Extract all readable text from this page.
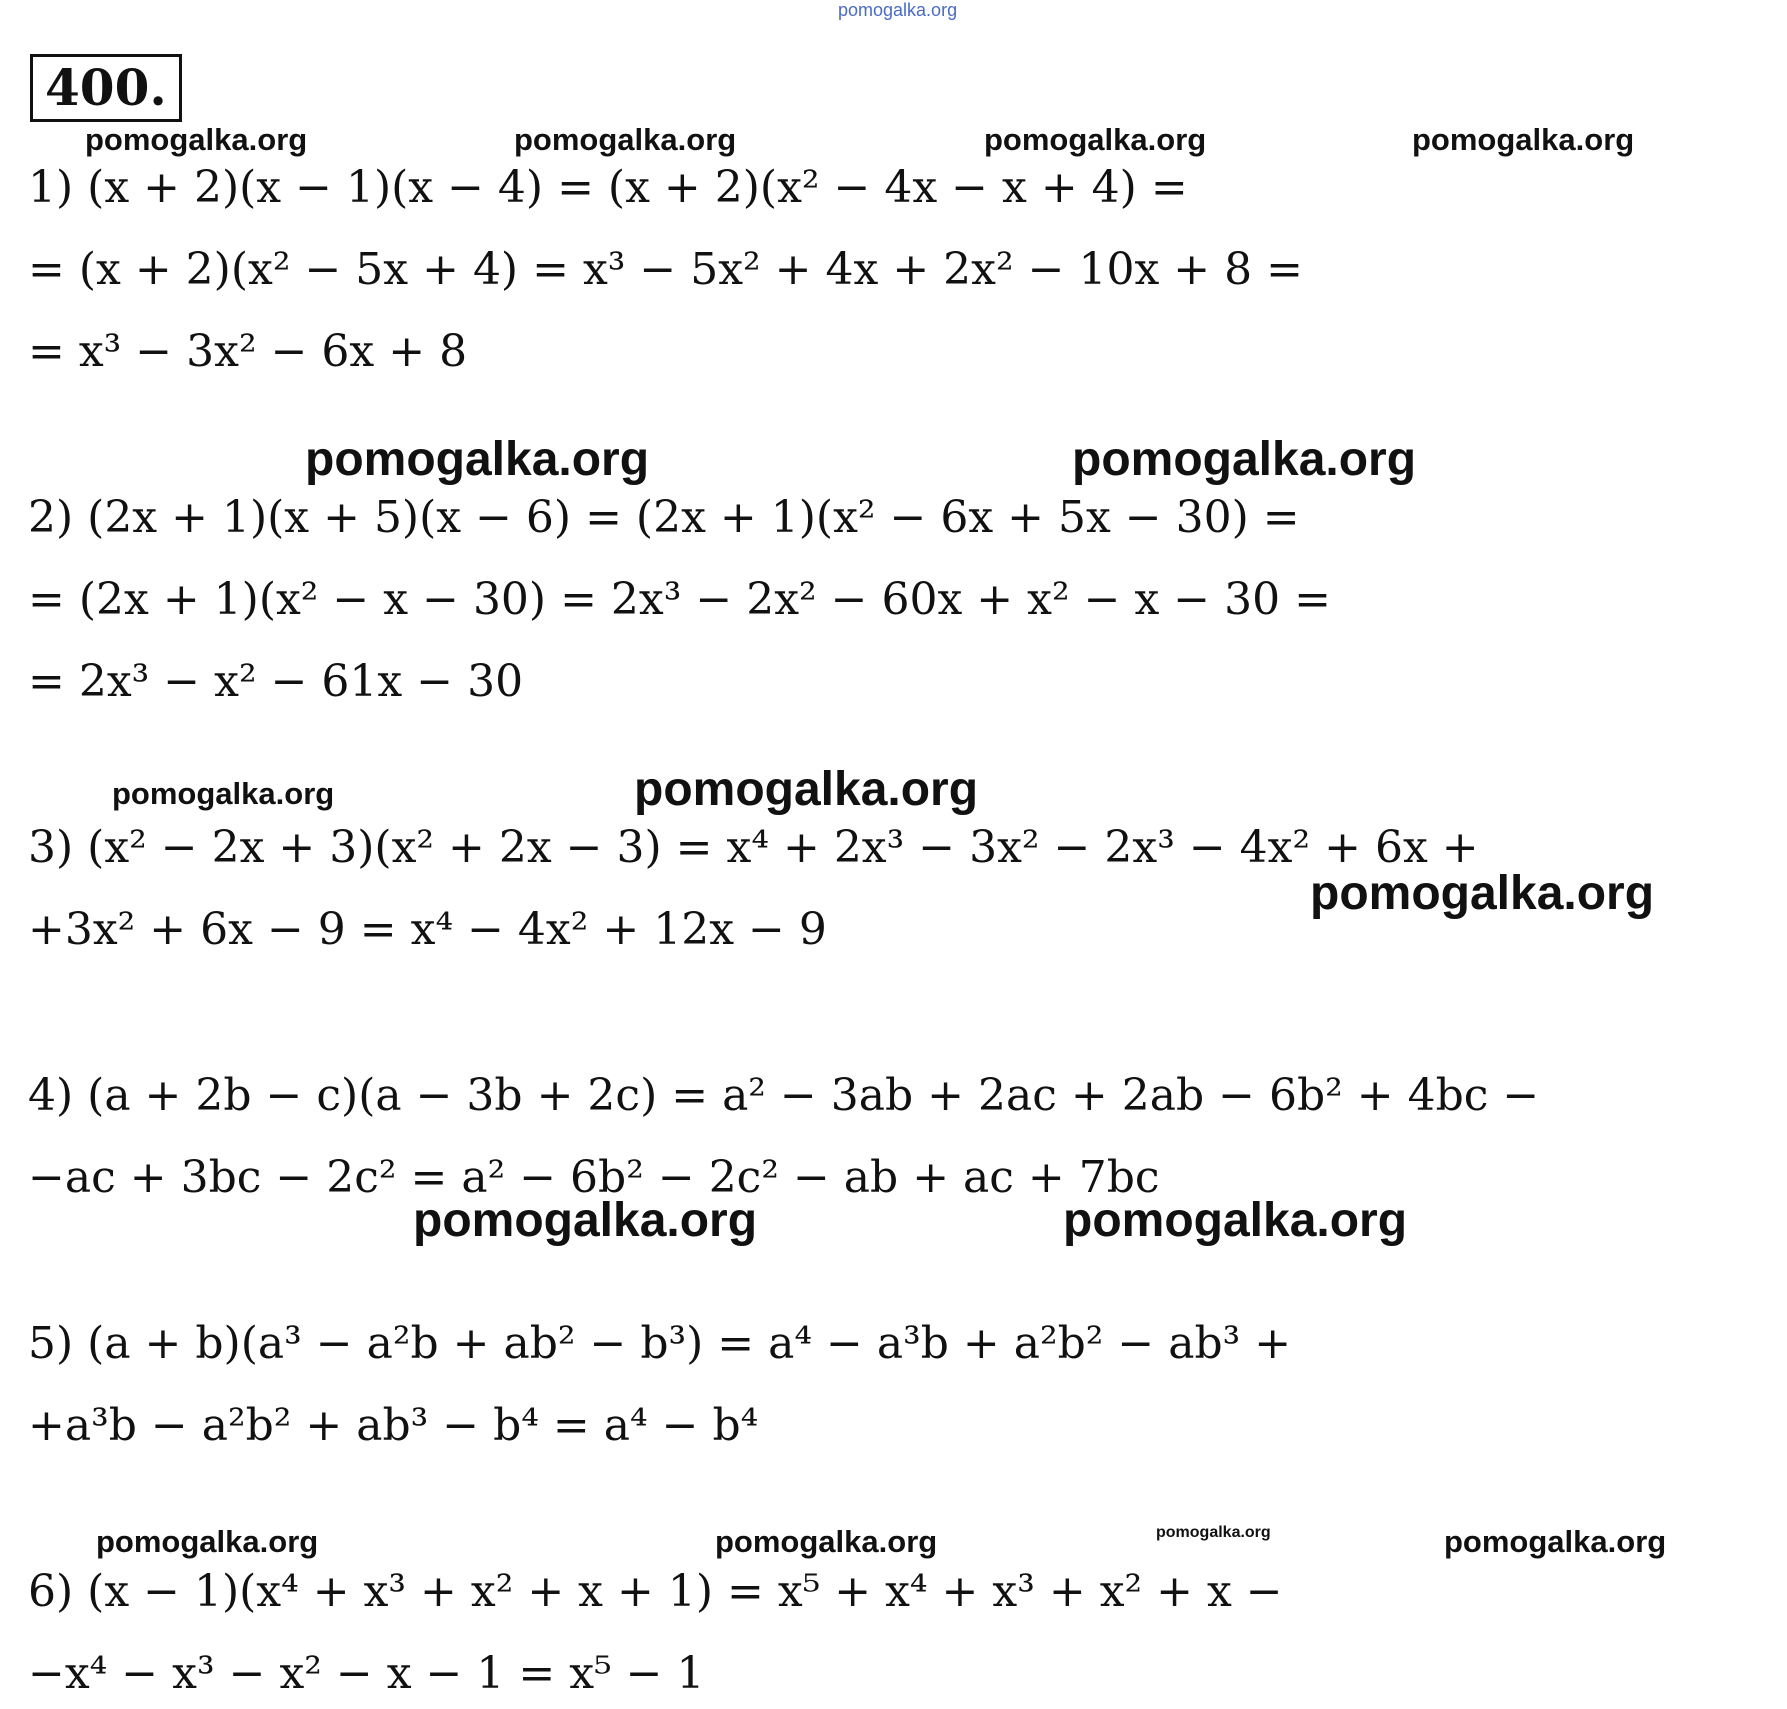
pomogalka.org
400.
pomogalka.org	pomogalka.org	pomogalka.org	pomogalka.org
pomogalka.org	pomogalka.org
pomogalka.org	pomogalka.org
pomogalka.org
pomogalka.org	pomogalka.org
pomogalka.org	pomogalka.org	pomogalka.org	pomogalka.org
1) (x + 2)(x − 1)(x − 4) = (x + 2)(x² − 4x − x + 4) =
= (x + 2)(x² − 5x + 4) = x³ − 5x² + 4x + 2x² − 10x + 8 =
= x³ − 3x² − 6x + 8
2) (2x + 1)(x + 5)(x − 6) = (2x + 1)(x² − 6x + 5x − 30) =
= (2x + 1)(x² − x − 30) = 2x³ − 2x² − 60x + x² − x − 30 =
= 2x³ − x² − 61x − 30
3) (x² − 2x + 3)(x² + 2x − 3) = x⁴ + 2x³ − 3x² − 2x³ − 4x² + 6x +
+3x² + 6x − 9 = x⁴ − 4x² + 12x − 9
4) (a + 2b − c)(a − 3b + 2c) = a² − 3ab + 2ac + 2ab − 6b² + 4bc −
−ac + 3bc − 2c² = a² − 6b² − 2c² − ab + ac + 7bc
5) (a + b)(a³ − a²b + ab² − b³) = a⁴ − a³b + a²b² − ab³ +
+a³b − a²b² + ab³ − b⁴ = a⁴ − b⁴
6) (x − 1)(x⁴ + x³ + x² + x + 1) = x⁵ + x⁴ + x³ + x² + x −
−x⁴ − x³ − x² − x − 1 = x⁵ − 1
